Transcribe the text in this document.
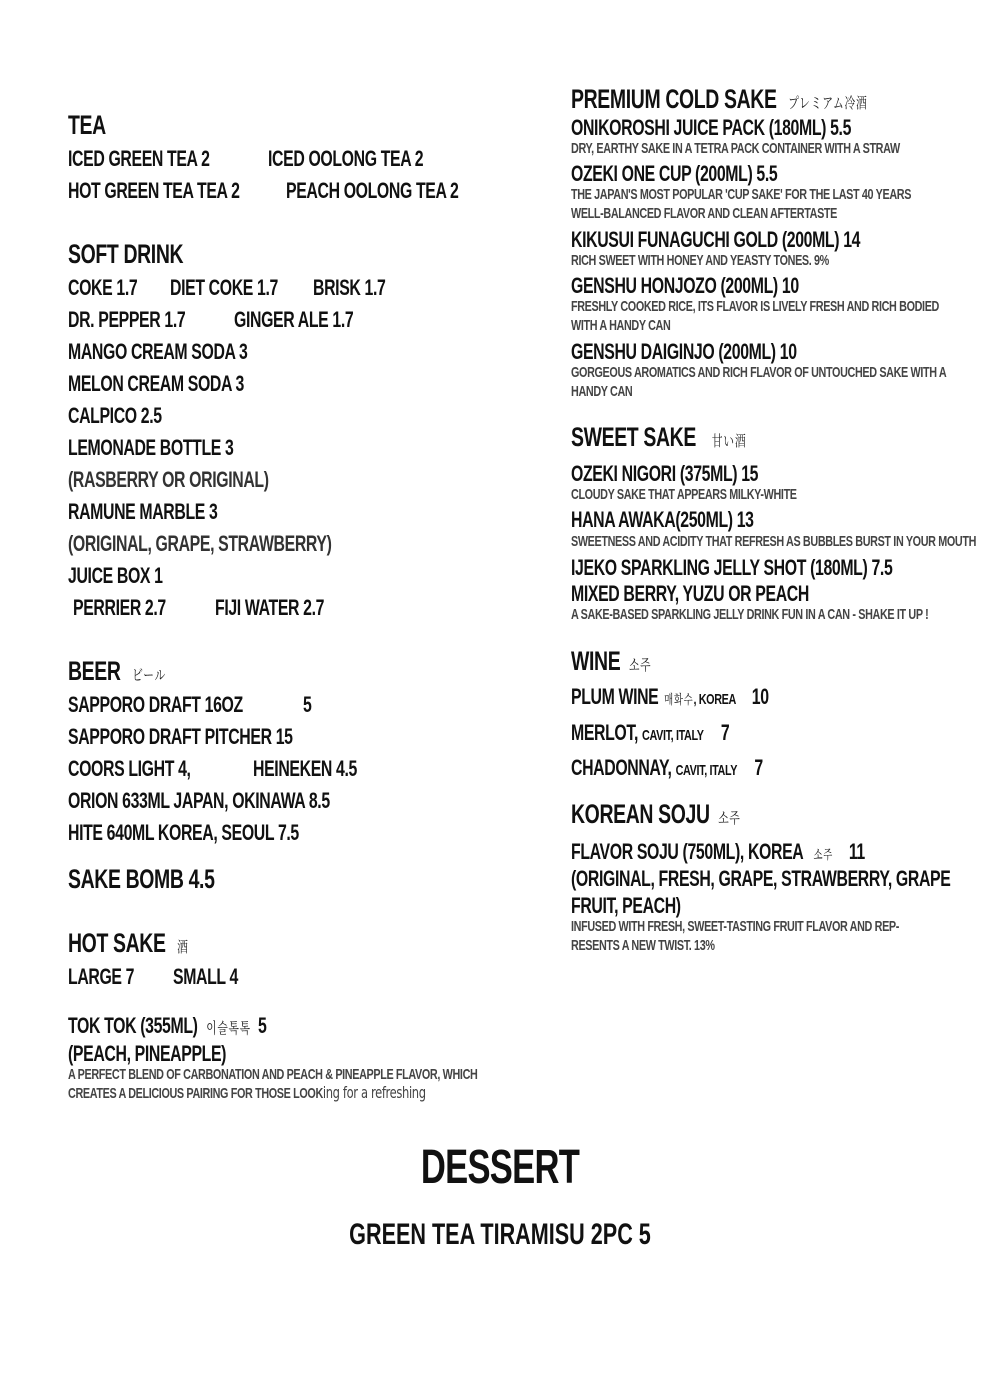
TEA
ICED GREEN TEA 2	ICED OOLONG TEA 2
HOT GREEN TEA TEA 2 PEACH OOLONG TEA 2
SOFT DRINK
COKE 1.7 DIET COKE 1.7 BRISK 1.7
DR. PEPPER 1.7 GINGER ALE 1.7
MANGO CREAM SODA 3
MELON CREAM SODA 3
CALPICO 2.5
LEMONADE BOTTLE 3
(RASBERRY OR ORIGINAL)
RAMUNE MARBLE 3
(ORIGINAL, GRAPE, STRAWBERRY)
JUICE BOX 1
PERRIER 2.7 FIJI WATER 2.7
BEER ビール
SAPPORO DRAFT 16OZ	5
SAPPORO DRAFT PITCHER 15
COORS LIGHT 4,	HEINEKEN 4.5
ORION 633ML JAPAN, OKINAWA 8.5
HITE 640ML KOREA, SEOUL 7.5
SAKE BOMB 4.5
HOT SAKE 酒
LARGE 7 SMALL 4
TOK TOK (355ML) 이슬톡톡 5
(PEACH, PINEAPPLE)
A PERFECT BLEND OF CARBONATION AND PEACH & PINEAPPLE FLAVOR, WHICH
CREATES A DELICIOUS PAIRING FOR THOSE LOOKing for a refreshing
PREMIUM COLD SAKE プレミアム冷酒
ONIKOROSHI JUICE PACK (180ML) 5.5
DRY, EARTHY SAKE IN A TETRA PACK CONTAINER WITH A STRAW
OZEKI ONE CUP (200ML) 5.5
THE JAPAN'S MOST POPULAR 'CUP SAKE' FOR THE LAST 40 YEARS
WELL-BALANCED FLAVOR AND CLEAN AFTERTASTE
KIKUSUI FUNAGUCHI GOLD (200ML) 14
RICH SWEET WITH HONEY AND YEASTY TONES. 9%
GENSHU HONJOZO (200ML) 10
FRESHLY COOKED RICE, ITS FLAVOR IS LIVELY FRESH AND RICH BODIED
WITH A HANDY CAN
GENSHU DAIGINJO (200ML) 10
GORGEOUS AROMATICS AND RICH FLAVOR OF UNTOUCHED SAKE WITH A
HANDY CAN
SWEET SAKE 甘い酒
OZEKI NIGORI (375ML) 15
CLOUDY SAKE THAT APPEARS MILKY-WHITE
HANA AWAKA(250ML) 13
SWEETNESS AND ACIDITY THAT REFRESH AS BUBBLES BURST IN YOUR MOUTH
IJEKO SPARKLING JELLY SHOT (180ML) 7.5
MIXED BERRY, YUZU OR PEACH
A SAKE-BASED SPARKLING JELLY DRINK FUN IN A CAN - SHAKE IT UP !
WINE 소주
PLUM WINE 매화수, KOREA 10
MERLOT, CAVIT, ITALY 7
CHADONNAY, CAVIT, ITALY 7
KOREAN SOJU 소주
FLAVOR SOJU (750ML), KOREA 소주 11
(ORIGINAL, FRESH, GRAPE, STRAWBERRY, GRAPE
FRUIT, PEACH)
INFUSED WITH FRESH, SWEET-TASTING FRUIT FLAVOR AND REP-
RESENTS A NEW TWIST. 13%
DESSERT
GREEN TEA TIRAMISU 2PC 5
